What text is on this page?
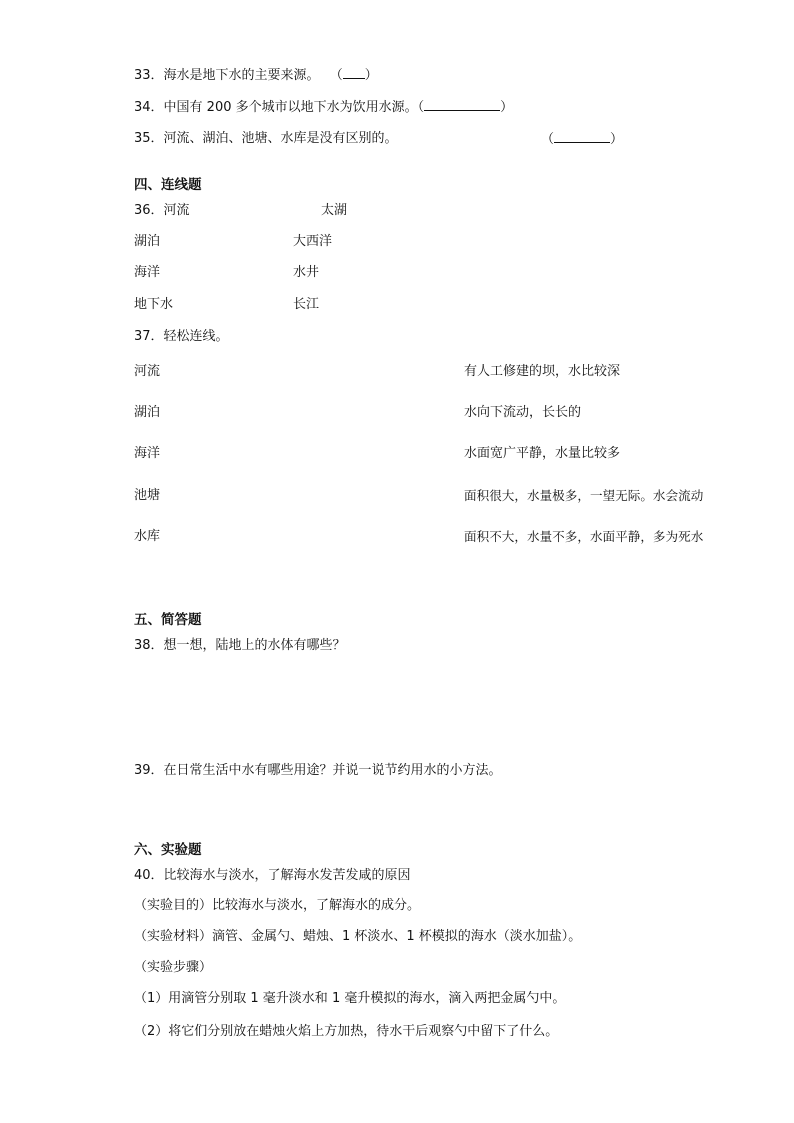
33．海水是地下水的主要来源。 （ ）
34．中国有 200 多个城市以地下水为饮用水源。（	）
35．河流、湖泊、池塘、水库是没有区别的。	（	）
四、连线题
36．河流	太湖
湖泊	大西洋
海洋	水井
地下水	长江
37．轻松连线。
河流	有人工修建的坝，水比较深
湖泊	水向下流动，长长的
海洋	水面宽广平静，水量比较多
池塘	面积很大，水量极多，一望无际。水会流动
水库	面积不大，水量不多，水面平静，多为死水
五、简答题
38．想一想，陆地上的水体有哪些？
39．在日常生活中水有哪些用途？并说一说节约用水的小方法。
六、实验题
40．比较海水与淡水，了解海水发苦发咸的原因
（实验目的）比较海水与淡水，了解海水的成分。
（实验材料）滴管、金属勺、蜡烛、1 杯淡水、1 杯模拟的海水（淡水加盐）。
（实验步骤）
（1）用滴管分别取 1 毫升淡水和 1 毫升模拟的海水，滴入两把金属勺中。
（2）将它们分别放在蜡烛火焰上方加热，待水干后观察勺中留下了什么。
